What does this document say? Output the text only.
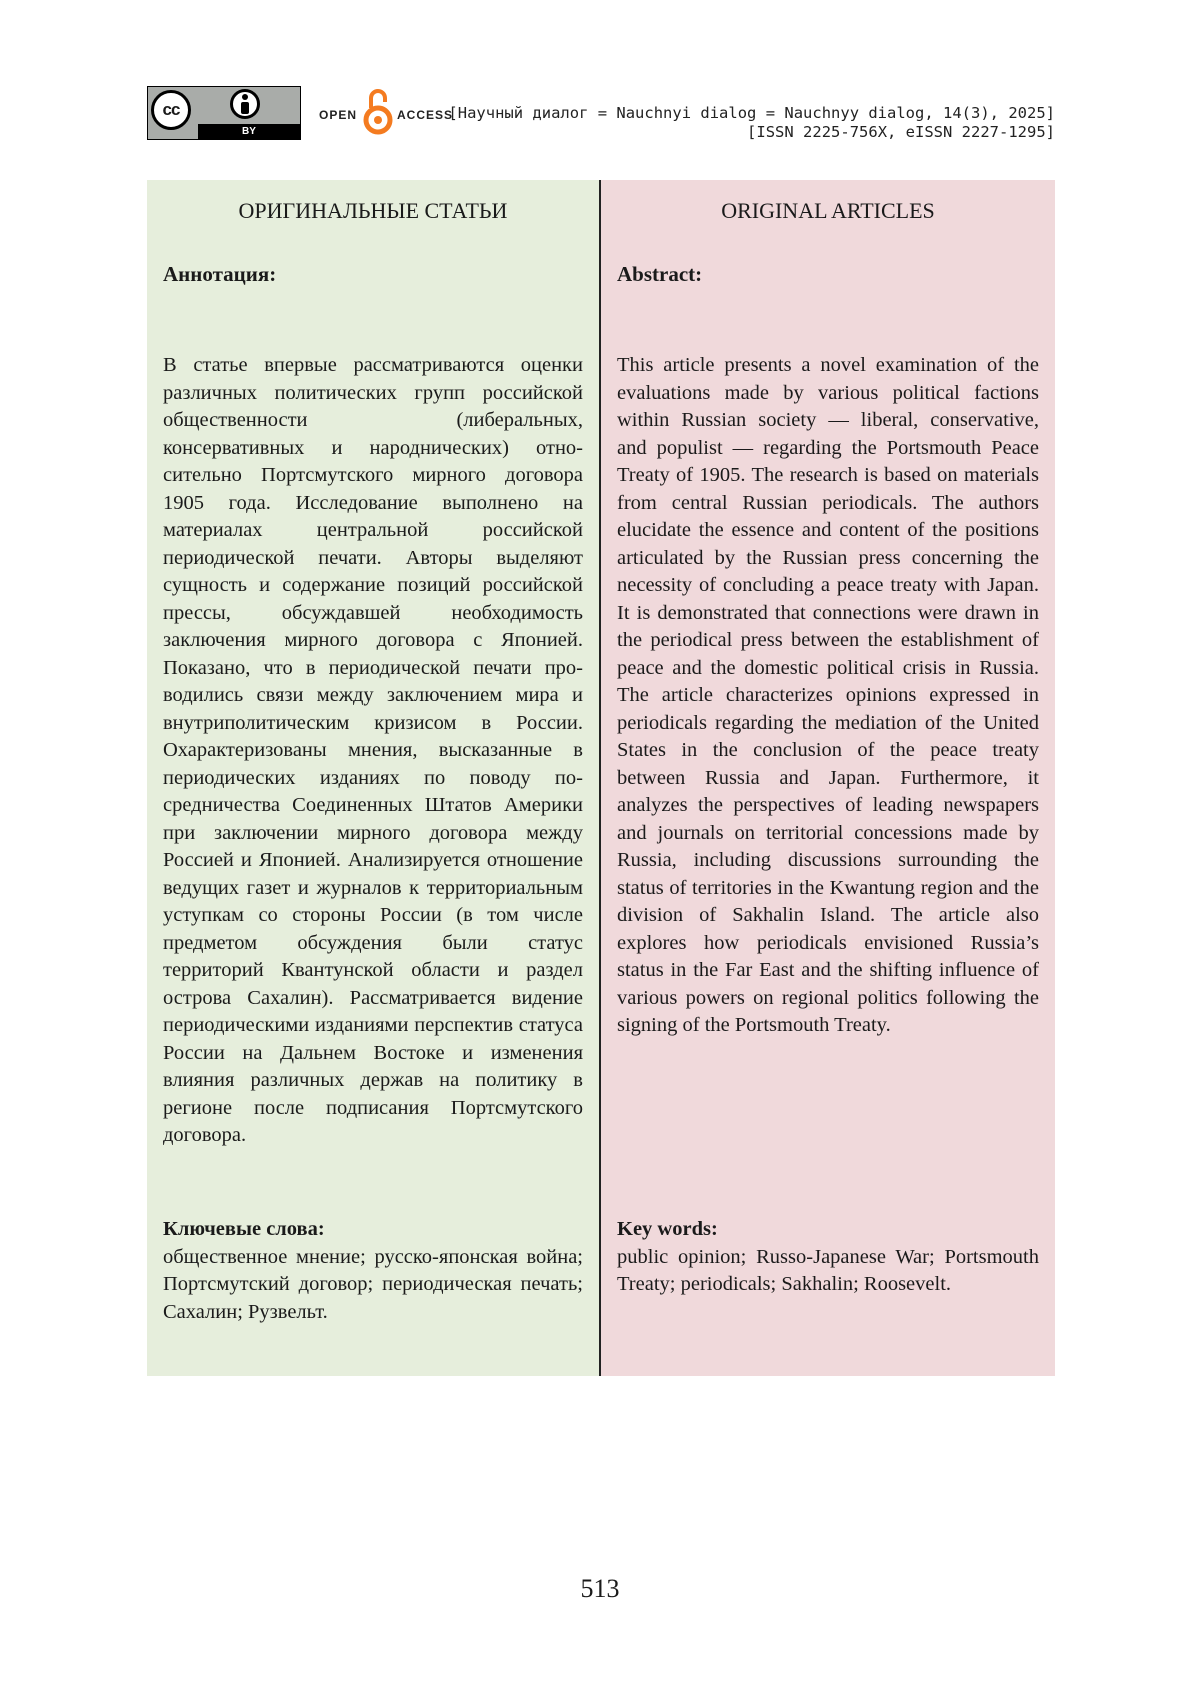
cc
BY
OPEN	ACCESS
[Научный диалог = Nauchnyi dialog = Nauchnyy dialog, 14(3), 2025]
[ISSN 2225-756X, eISSN 2227-1295]
ОРИГИНАЛЬНЫЕ СТАТЬИ
Аннотация:
В статье впервые рассматриваются оцен­ки различных политических групп рос­сийской общественности (либеральных, консервативных и народнических) отно­сительно Портсмутского мирного дого­вора 1905 года. Исследование выполнено на материалах центральной российской периодической печати. Авторы выделяют сущность и содержание позиций россий­ской прессы, обсуждавшей необходимость заключения мирного договора с Японией. Показано, что в периодической печати про­водились связи между заключением мира и внутриполитическим кризисом в России. Охарактеризованы мнения, высказанные в периодических изданиях по поводу по­средничества Соединенных Штатов Аме­рики при заключении мирного договора между Россией и Японией. Анализирует­ся отношение ведущих газет и журналов к территориальным уступкам со стороны России (в том числе предметом обсужде­ния были статус территорий Квантунской области и раздел острова Сахалин). Рас­сматривается видение периодическими изданиями перспектив статуса России на Дальнем Востоке и изменения влияния раз­личных держав на политику в регионе по­сле подписания Портсмутского договора.
Ключевые слова:
общественное мнение; русско-японская война; Портсмутский договор; периодиче­ская печать; Сахалин; Рузвельт.
ORIGINAL ARTICLES
Abstract:
This article presents a novel examination of the evaluations made by various politi­cal factions within Russian society — lib­eral, conservative, and populist — regarding the Portsmouth Peace Treaty of 1905. The re­search is based on materials from central Rus­sian periodicals. The authors elucidate the es­sence and content of the positions articulated by the Russian press concerning the necessity of concluding a peace treaty with Japan. It is demonstrated that connections were drawn in the periodical press between the establish­ment of peace and the domestic political crisis in Russia. The article characterizes opinions expressed in periodicals regarding the me­diation of the United States in the conclusion of the peace treaty between Russia and Japan. Furthermore, it analyzes the perspectives of leading newspapers and journals on terri­torial concessions made by Russia, including discussions surrounding the status of territo­ries in the Kwantung region and the division of Sakhalin Island. The article also explores how periodicals envisioned Russia’s status in the Far East and the shifting influence of vari­ous powers on regional politics following the signing of the Portsmouth Treaty.
Key words:
public opinion; Russo-Japanese War; Portsmouth Treaty; periodicals; Sakhalin; Roosevelt.
513
